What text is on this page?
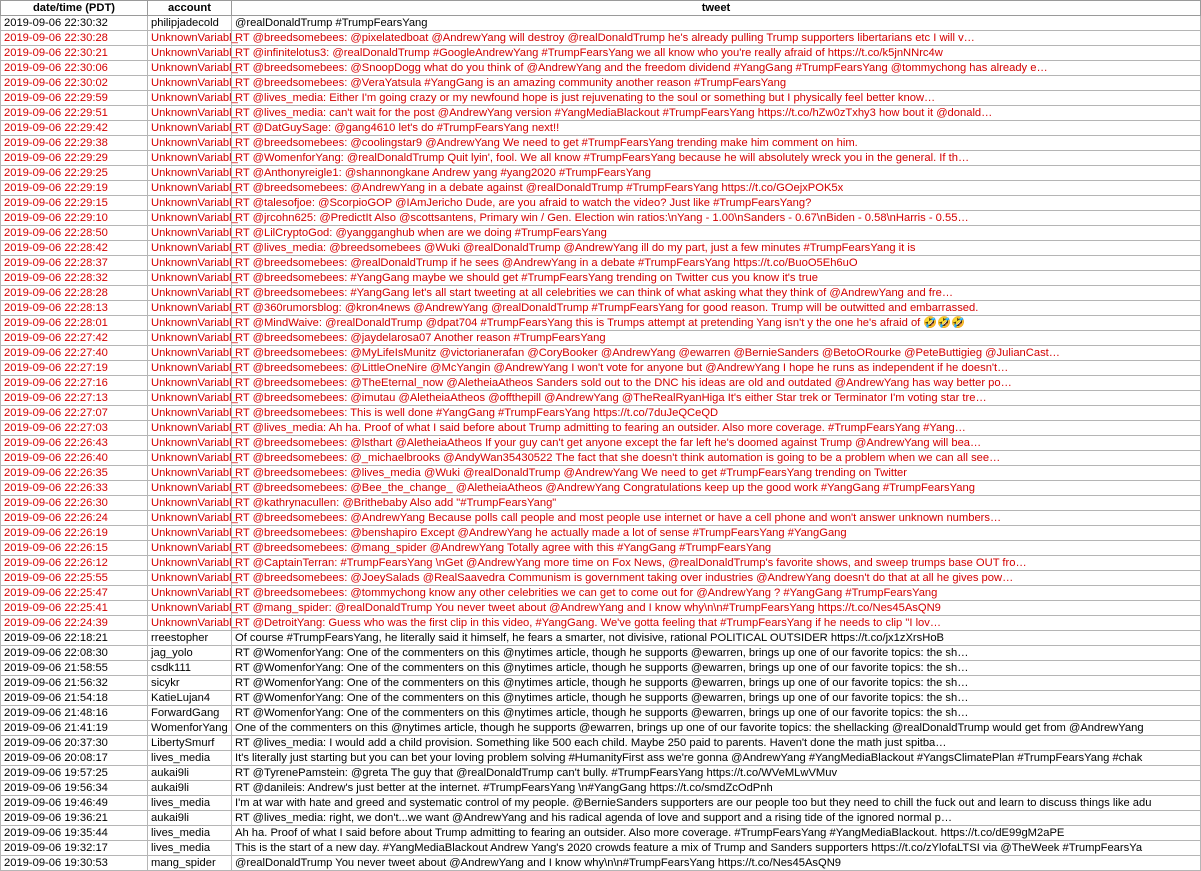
date/time (PDT)	account	tweet
2019-09-06 22:30:32	philipjadecold	@realDonaldTrump #TrumpFearsYang
2019-09-06 22:30:28	UnknownVariabl_	RT @breedsomebees: @pixelatedboat @AndrewYang will destroy @realDonaldTrump he's already pulling Trump supporters libertarians etc I will v…
2019-09-06 22:30:21	UnknownVariabl_	RT @infinitelotus3: @realDonaldTrump #GoogleAndrewYang #TrumpFearsYang we all know who you're really afraid of https://t.co/k5jnNNrc4w
2019-09-06 22:30:06	UnknownVariabl_	RT @breedsomebees: @SnoopDogg what do you think of @AndrewYang and the freedom dividend #YangGang #TrumpFearsYang @tommychong has already e…
2019-09-06 22:30:02	UnknownVariabl_	RT @breedsomebees: @VeraYatsula #YangGang is an amazing community another reason #TrumpFearsYang
2019-09-06 22:29:59	UnknownVariabl_	RT @lives_media: Either I'm going crazy or my newfound hope is just rejuvenating to the soul or something but I physically feel better know…
2019-09-06 22:29:51	UnknownVariabl_	RT @lives_media: can't wait for the post @AndrewYang version #YangMediaBlackout #TrumpFearsYang https://t.co/hZw0zTxhy3 how bout it @donald…
2019-09-06 22:29:42	UnknownVariabl_	RT @DatGuySage: @gang4610 let's do #TrumpFearsYang next!!
2019-09-06 22:29:38	UnknownVariabl_	RT @breedsomebees: @coolingstar9 @AndrewYang We need to get #TrumpFearsYang trending make him comment on him.
2019-09-06 22:29:29	UnknownVariabl_	RT @WomenforYang: @realDonaldTrump Quit lyin', fool. We all know #TrumpFearsYang because he will absolutely wreck you in the general. If th…
2019-09-06 22:29:25	UnknownVariabl_	RT @Anthonyreigle1: @shannongkane Andrew yang #yang2020 #TrumpFearsYang
2019-09-06 22:29:19	UnknownVariabl_	RT @breedsomebees: @AndrewYang in a debate against @realDonaldTrump #TrumpFearsYang https://t.co/GOejxPOK5x
2019-09-06 22:29:15	UnknownVariabl_	RT @talesofjoe: @ScorpioGOP @IAmJericho Dude, are you afraid to watch the video? Just like #TrumpFearsYang?
2019-09-06 22:29:10	UnknownVariabl_	RT @jrcohn625: @PredictIt Also @scottsantens, Primary win / Gen. Election win ratios:\nYang - 1.00\nSanders - 0.67\nBiden - 0.58\nHarris - 0.55…
2019-09-06 22:28:50	UnknownVariabl_	RT @LilCryptoGod: @yangganghub when are we doing #TrumpFearsYang
2019-09-06 22:28:42	UnknownVariabl_	RT @lives_media: @breedsomebees @Wuki @realDonaldTrump @AndrewYang ill do my part, just a few minutes #TrumpFearsYang it is
2019-09-06 22:28:37	UnknownVariabl_	RT @breedsomebees: @realDonaldTrump if he sees @AndrewYang in a debate #TrumpFearsYang https://t.co/BuoO5Eh6uO
2019-09-06 22:28:32	UnknownVariabl_	RT @breedsomebees: #YangGang maybe we should get #TrumpFearsYang trending on Twitter cus you know it's true
2019-09-06 22:28:28	UnknownVariabl_	RT @breedsomebees: #YangGang let's all start tweeting at all celebrities we can think of what asking what they think of @AndrewYang and fre…
2019-09-06 22:28:13	UnknownVariabl_	RT @360rumorsblog: @kron4news @AndrewYang @realDonaldTrump #TrumpFearsYang for good reason. Trump will be outwitted and embarrassed.
2019-09-06 22:28:01	UnknownVariabl_	RT @MindWaive: @realDonaldTrump @dpat704 #TrumpFearsYang this is Trumps attempt at pretending Yang isn't y the one he's afraid of 🤣🤣🤣
2019-09-06 22:27:42	UnknownVariabl_	RT @breedsomebees: @jaydelarosa07 Another reason #TrumpFearsYang
2019-09-06 22:27:40	UnknownVariabl_	RT @breedsomebees: @MyLifeIsMunitz @victorianerafan @CoryBooker @AndrewYang @ewarren @BernieSanders @BetoORourke @PeteButtigieg @JulianCast…
2019-09-06 22:27:19	UnknownVariabl_	RT @breedsomebees: @LittleOneNire @McYangin @AndrewYang I won't vote for anyone but @AndrewYang I hope he runs as independent if he doesn't…
2019-09-06 22:27:16	UnknownVariabl_	RT @breedsomebees: @TheEternal_now @AletheiaAtheos Sanders sold out to the DNC his ideas are old and outdated @AndrewYang has way better po…
2019-09-06 22:27:13	UnknownVariabl_	RT @breedsomebees: @imutau @AletheiaAtheos @offthepill @AndrewYang @TheRealRyanHiga It's either Star trek or Terminator I'm voting star tre…
2019-09-06 22:27:07	UnknownVariabl_	RT @breedsomebees: This is well done #YangGang #TrumpFearsYang https://t.co/7duJeQCeQD
2019-09-06 22:27:03	UnknownVariabl_	RT @lives_media: Ah ha. Proof of what I said before about Trump admitting to fearing an outsider. Also more coverage. #TrumpFearsYang #Yang…
2019-09-06 22:26:43	UnknownVariabl_	RT @breedsomebees: @lsthart @AletheiaAtheos If your guy can't get anyone except the far left he's doomed against Trump @AndrewYang will bea…
2019-09-06 22:26:40	UnknownVariabl_	RT @breedsomebees: @_michaelbrooks @AndyWan35430522 The fact that she doesn't think automation is going to be a problem when we can all see…
2019-09-06 22:26:35	UnknownVariabl_	RT @breedsomebees: @lives_media @Wuki @realDonaldTrump @AndrewYang We need to get #TrumpFearsYang trending on Twitter
2019-09-06 22:26:33	UnknownVariabl_	RT @breedsomebees: @Bee_the_change_ @AletheiaAtheos @AndrewYang Congratulations keep up the good work #YangGang #TrumpFearsYang
2019-09-06 22:26:30	UnknownVariabl_	RT @kathrynacullen: @Brithebaby Also add "#TrumpFearsYang"
2019-09-06 22:26:24	UnknownVariabl_	RT @breedsomebees: @AndrewYang Because polls call people and most people use internet or have a cell phone and won't answer unknown numbers…
2019-09-06 22:26:19	UnknownVariabl_	RT @breedsomebees: @benshapiro Except @AndrewYang he actually made a lot of sense #TrumpFearsYang #YangGang
2019-09-06 22:26:15	UnknownVariabl_	RT @breedsomebees: @mang_spider @AndrewYang Totally agree with this #YangGang #TrumpFearsYang
2019-09-06 22:26:12	UnknownVariabl_	RT @CaptainTerran: #TrumpFearsYang \nGet @AndrewYang more time on Fox News, @realDonaldTrump's favorite shows, and sweep trumps base OUT fro…
2019-09-06 22:25:55	UnknownVariabl_	RT @breedsomebees: @JoeySalads @RealSaavedra Communism is government taking over industries @AndrewYang doesn't do that at all he gives pow…
2019-09-06 22:25:47	UnknownVariabl_	RT @breedsomebees: @tommychong know any other celebrities we can get to come out for @AndrewYang ? #YangGang #TrumpFearsYang
2019-09-06 22:25:41	UnknownVariabl_	RT @mang_spider: @realDonaldTrump You never tweet about @AndrewYang and I know why\n\n#TrumpFearsYang https://t.co/Nes45AsQN9
2019-09-06 22:24:39	UnknownVariabl_	RT @DetroitYang: Guess who was the first clip in this video, #YangGang. We've gotta feeling that #TrumpFearsYang if he needs to clip "I lov…
2019-09-06 22:18:21	rreestopher	Of course #TrumpFearsYang, he literally said it himself, he fears a smarter, not divisive, rational POLITICAL OUTSIDER https://t.co/jx1zXrsHoB
2019-09-06 22:08:30	jag_yolo	RT @WomenforYang: One of the commenters on this @nytimes article, though he supports @ewarren, brings up one of our favorite topics: the sh…
2019-09-06 21:58:55	csdk111	RT @WomenforYang: One of the commenters on this @nytimes article, though he supports @ewarren, brings up one of our favorite topics: the sh…
2019-09-06 21:56:32	sicykr	RT @WomenforYang: One of the commenters on this @nytimes article, though he supports @ewarren, brings up one of our favorite topics: the sh…
2019-09-06 21:54:18	KatieLujan4	RT @WomenforYang: One of the commenters on this @nytimes article, though he supports @ewarren, brings up one of our favorite topics: the sh…
2019-09-06 21:48:16	ForwardGang	RT @WomenforYang: One of the commenters on this @nytimes article, though he supports @ewarren, brings up one of our favorite topics: the sh…
2019-09-06 21:41:19	WomenforYang	One of the commenters on this @nytimes article, though he supports @ewarren, brings up one of our favorite topics: the shellacking @realDonaldTrump would get from @AndrewYang
2019-09-06 20:37:30	LibertySmurf	RT @lives_media: I would add a child provision. Something like 500 each child. Maybe 250 paid to parents. Haven't done the math just spitba…
2019-09-06 20:08:17	lives_media	It's literally just starting but you can bet your loving problem solving #HumanityFirst ass we're gonna @AndrewYang #YangMediaBlackout #YangsClimatePlan #TrumpFearsYang #chak
2019-09-06 19:57:25	aukai9li	RT @TyrenePamstein: @greta The guy that @realDonaldTrump can't bully. #TrumpFearsYang https://t.co/WVeMLwVMuv
2019-09-06 19:56:34	aukai9li	RT @danileis: Andrew's just better at the internet. #TrumpFearsYang \n#YangGang https://t.co/smdZcOdPnh
2019-09-06 19:46:49	lives_media	I'm at war with hate and greed and systematic control of my people. @BernieSanders supporters are our people too but they need to chill the fuck out and learn to discuss things like adu
2019-09-06 19:36:21	aukai9li	RT @lives_media: right, we don't...we want @AndrewYang and his radical agenda of love and support and a rising tide of the ignored normal p…
2019-09-06 19:35:44	lives_media	Ah ha. Proof of what I said before about Trump admitting to fearing an outsider. Also more coverage. #TrumpFearsYang #YangMediaBlackout. https://t.co/dE99gM2aPE
2019-09-06 19:32:17	lives_media	This is the start of a new day. #YangMediaBlackout Andrew Yang's 2020 crowds feature a mix of Trump and Sanders supporters https://t.co/zYlofaLTSI via @TheWeek #TrumpFearsYa
2019-09-06 19:30:53	mang_spider	@realDonaldTrump You never tweet about @AndrewYang and I know why\n\n#TrumpFearsYang https://t.co/Nes45AsQN9
